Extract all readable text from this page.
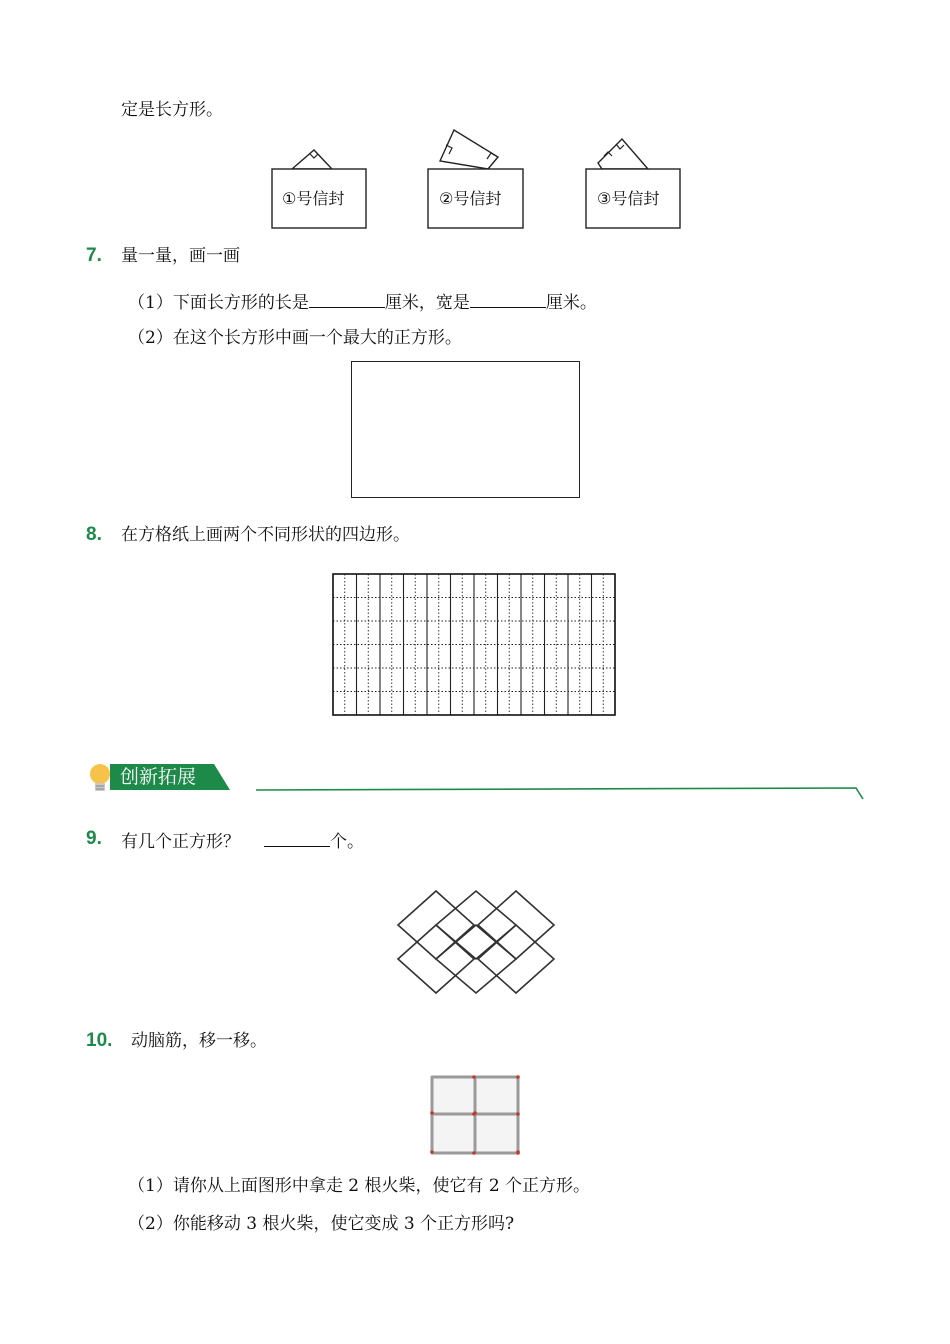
定是长方形。
①号信封	②号信封	③号信封
7. 量一量，画一画
（1）下面长方形的长是	厘米，宽是	厘米。
（2）在这个长方形中画一个最大的正方形。
8. 在方格纸上画两个不同形状的四边形。
创新拓展
9. 有几个正方形？	个。
10. 动脑筋，移一移。
（1）请你从上面图形中拿走 2 根火柴，使它有 2 个正方形。
（2）你能移动 3 根火柴，使它变成 3 个正方形吗?
